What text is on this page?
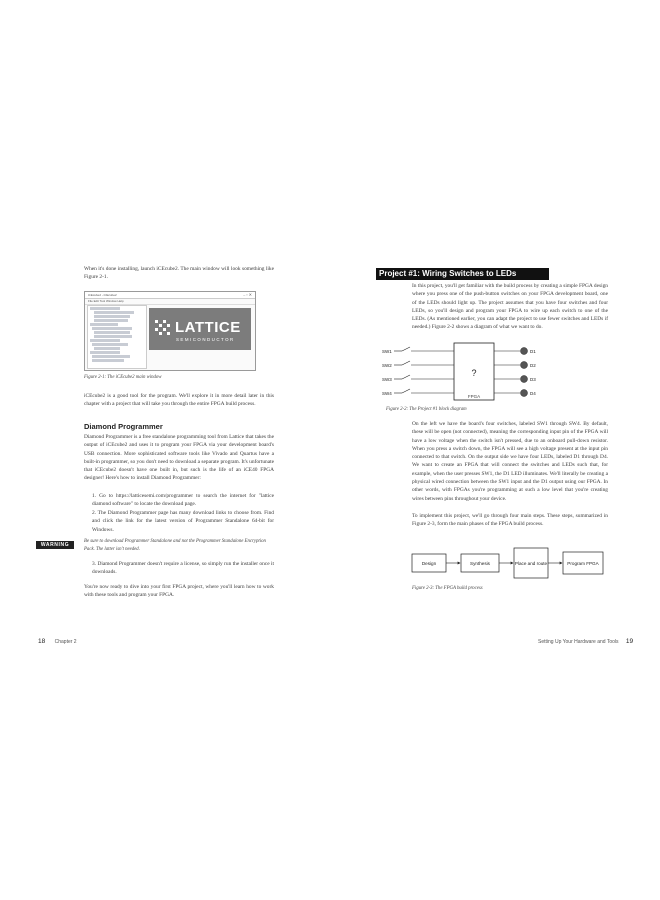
When it's done installing, launch iCEcube2. The main window will look something like Figure 2-1.

iCEcube2 - iCEcube2	– ▫ ✕
File Edit Tool Window Help
LATTICE
SEMICONDUCTOR

Figure 2-1: The iCEcube2 main window

iCEcube2 is a good tool for the program. We'll explore it in more detail later in this chapter with a project that will take you through the entire FPGA build process.

Diamond Programmer

Diamond Programmer is a free standalone programming tool from Lattice that takes the output of iCEcube2 and uses it to program your FPGA via your development board's USB connection. More sophisticated software tools like Vivado and Quartus have a built-in programmer, so you don't need to download a separate program. It's unfortunate that iCEcube2 doesn't have one built in, but such is the life of an iCE40 FPGA designer! Here's how to install Diamond Programmer:

1. Go to https://latticesemi.com/programmer to search the internet for "lattice diamond software" to locate the download page.

2. The Diamond Programmer page has many download links to choose from. Find and click the link for the latest version of Programmer Standalone 64-bit for Windows.

WARNING

Be sure to download Programmer Standalone and not the Programmer Standalone Encryption Pack. The latter isn't needed.

3. Diamond Programmer doesn't require a license, so simply run the installer once it downloads.

You're now ready to dive into your first FPGA project, where you'll learn how to work with these tools and program your FPGA.

18 Chapter 2
Project #1: Wiring Switches to LEDs

In this project, you'll get familiar with the build process by creating a simple FPGA design where you press one of the push-button switches on your FPGA development board, one of the LEDs should light up. The project assumes that you have four switches and four LEDs, so you'll design and program your FPGA to wire up each switch to one of the LEDs. (As mentioned earlier, you can adapt the project to use fewer switches and LEDs if needed.) Figure 2-2 shows a diagram of what we want to do.

?
FPGA
SW1
SW2
SW3
SW4
D1
D2
D3
D4

Figure 2-2: The Project #1 block diagram

On the left we have the board's four switches, labeled SW1 through SW4. By default, these will be open (not connected), meaning the corresponding input pin of the FPGA will have a low voltage when the switch isn't pressed, due to an onboard pull-down resistor. When you press a switch down, the FPGA will see a high voltage present at the input pin connected to that switch. On the output side we have four LEDs, labeled D1 through D4. We want to create an FPGA that will connect the switches and LEDs such that, for example, when the user presses SW1, the D1 LED illuminates. We'll literally be creating a physical wired connection between the SW1 input and the D1 output using our FPGA. In other words, with FPGAs you're programming at such a low level that you're creating wires between pins throughout your device.

To implement this project, we'll go through four main steps. These steps, summarized in Figure 2-3, form the main phases of the FPGA build process.

Design	Synthesis	Place and route	Program FPGA

Figure 2-3: The FPGA build process

Setting Up Your Hardware and Tools 19
